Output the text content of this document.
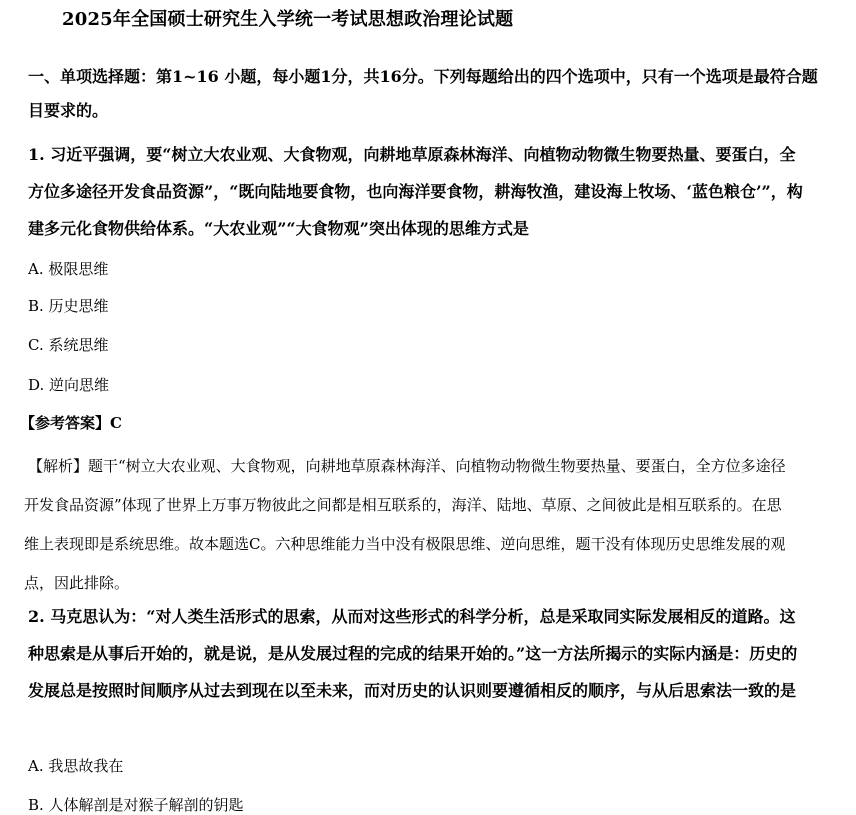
2025年全国硕士研究生入学统一考试思想政治理论试题
一、单项选择题：第1~16 小题，每小题1分，共16分。下列每题给出的四个选项中，只有一个选项是最符合题目要求的。
1. 习近平强调，要“树立大农业观、大食物观，向耕地草原森林海洋、向植物动物微生物要热量、要蛋白，全方位多途径开发食品资源”，“既向陆地要食物，也向海洋要食物，耕海牧渔，建设海上牧场、‘蓝色粮仓’”，构建多元化食物供给体系。“大农业观”“大食物观”突出体现的思维方式是
A. 极限思维
B. 历史思维
C. 系统思维
D. 逆向思维
【参考答案】C
【解析】题干“树立大农业观、大食物观，向耕地草原森林海洋、向植物动物微生物要热量、要蛋白，全方位多途径开发食品资源”体现了世界上万事万物彼此之间都是相互联系的，海洋、陆地、草原、之间彼此是相互联系的。在思维上表现即是系统思维。故本题选C。六种思维能力当中没有极限思维、逆向思维，题干没有体现历史思维发展的观点，因此排除。
2. 马克思认为：“对人类生活形式的思索，从而对这些形式的科学分析，总是采取同实际发展相反的道路。这种思索是从事后开始的，就是说，是从发展过程的完成的结果开始的。”这一方法所揭示的实际内涵是：历史的发展总是按照时间顺序从过去到现在以至未来，而对历史的认识则要遵循相反的顺序，与从后思索法一致的是
A. 我思故我在
B. 人体解剖是对猴子解剖的钥匙
